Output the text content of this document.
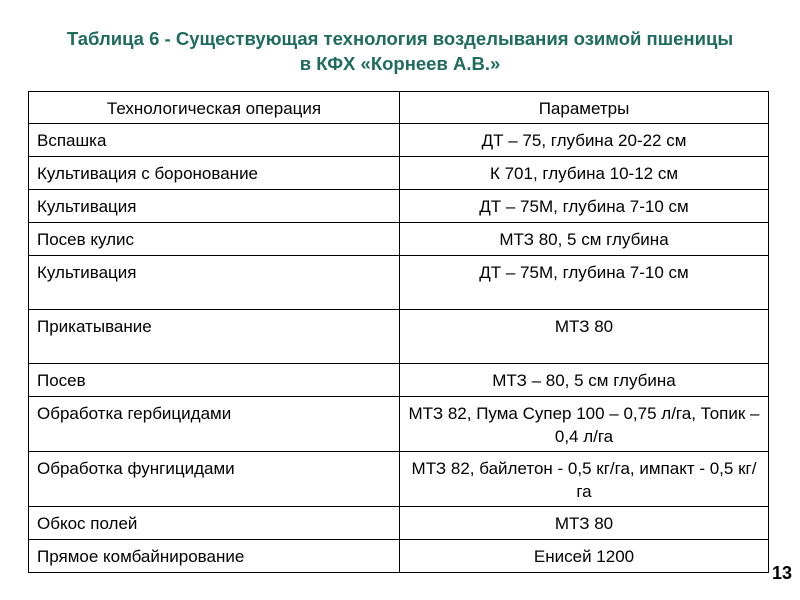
Таблица 6 - Существующая технология возделывания озимой пшеницы
в КФХ «Корнеев А.В.»
Технологическая операция	Параметры

Вспашка	ДТ – 75, глубина 20-22 см

Культивация с боронование	К 701, глубина 10-12 см

Культивация	ДТ – 75М, глубина 7-10 см

Посев кулис	МТЗ 80, 5 см глубина

Культивация	ДТ – 75М, глубина 7-10 см

Прикатывание	МТЗ 80

Посев	МТЗ – 80, 5 см глубина

Обработка гербицидами	МТЗ 82, Пума Супер 100 – 0,75 л/га, Топик – 0,4 л/га

Обработка фунгицидами	МТЗ 82, байлетон - 0,5 кг/га, импакт - 0,5 кг/га

Обкос полей	МТЗ 80

Прямое комбайнирование	Енисей 1200
13
